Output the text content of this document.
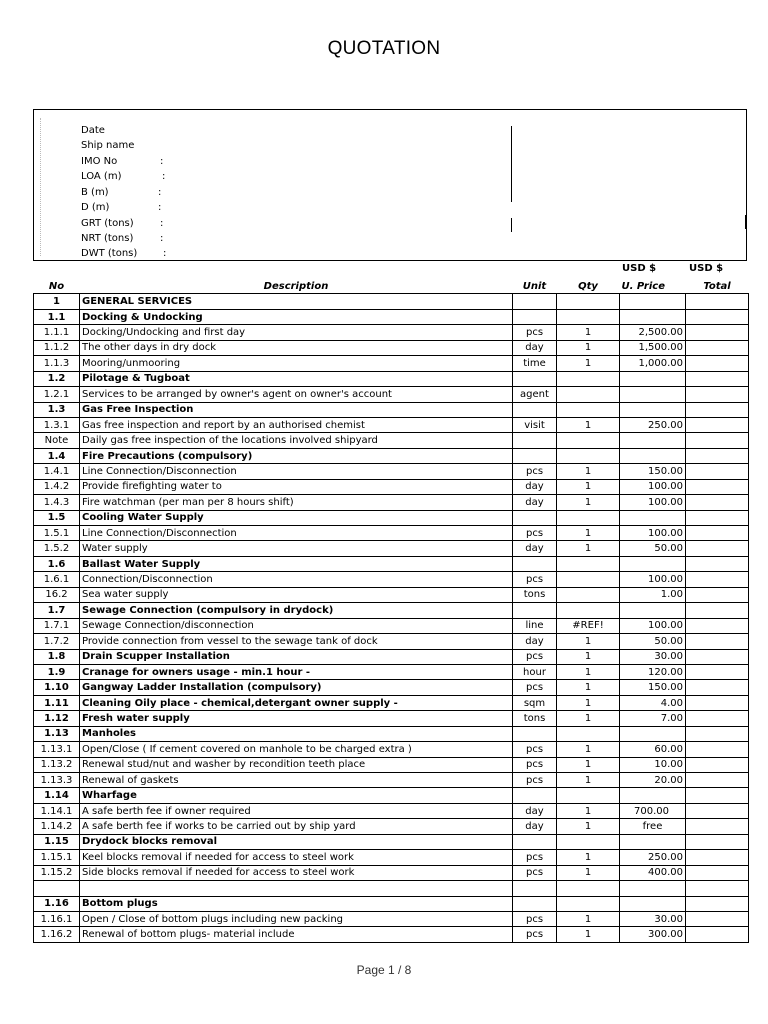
QUOTATION
Date
Ship name
IMO No	:
LOA (m)	:
B (m)	:
D (m)	:
GRT (tons)	:
NRT (tons)	:
DWT (tons)	:
USD $	USD $
No	Description	Unit	Qty	U. Price	Total
1	GENERAL SERVICES				
1.1	Docking & Undocking				
1.1.1	Docking/Undocking and first day	pcs	1	2,500.00	
1.1.2	The other days in dry dock	day	1	1,500.00	
1.1.3	Mooring/unmooring	time	1	1,000.00	
1.2	Pilotage & Tugboat				
1.2.1	Services to be arranged by owner's agent on owner's account	agent			
1.3	Gas Free Inspection				
1.3.1	Gas free inspection and report by an authorised chemist	visit	1	250.00	
Note	Daily gas free inspection of the locations involved shipyard				
1.4	Fire Precautions (compulsory)				
1.4.1	Line Connection/Disconnection	pcs	1	150.00	
1.4.2	Provide firefighting water to	day	1	100.00	
1.4.3	Fire watchman (per man per 8 hours shift)	day	1	100.00	
1.5	Cooling Water Supply				
1.5.1	Line Connection/Disconnection	pcs	1	100.00	
1.5.2	Water supply	day	1	50.00	
1.6	Ballast Water Supply				
1.6.1	Connection/Disconnection	pcs		100.00	
16.2	Sea water supply	tons		1.00	
1.7	Sewage Connection (compulsory in drydock)				
1.7.1	Sewage Connection/disconnection	line	#REF!	100.00	
1.7.2	Provide connection from vessel to the sewage tank of dock	day	1	50.00	
1.8	Drain Scupper Installation	pcs	1	30.00	
1.9	Cranage for owners usage - min.1 hour -	hour	1	120.00	
1.10	Gangway Ladder Installation (compulsory)	pcs	1	150.00	
1.11	Cleaning Oily place - chemical,detergant owner supply -	sqm	1	4.00	
1.12	Fresh water supply	tons	1	7.00	
1.13	Manholes				
1.13.1	Open/Close ( If cement covered on manhole to be charged extra )	pcs	1	60.00	
1.13.2	Renewal stud/nut and washer by recondition teeth place	pcs	1	10.00	
1.13.3	Renewal of gaskets	pcs	1	20.00	
1.14	Wharfage				
1.14.1	A safe berth fee if owner required	day	1	700.00	
1.14.2	A safe berth fee if works to be carried out by ship yard	day	1	free	
1.15	Drydock blocks removal				
1.15.1	Keel blocks removal if needed for access to steel work	pcs	1	250.00	
1.15.2	Side blocks removal if needed for access to steel work	pcs	1	400.00	

1.16	Bottom plugs				
1.16.1	Open / Close of bottom plugs including new packing	pcs	1	30.00	
1.16.2	Renewal of bottom plugs- material include	pcs	1	300.00	
Page 1 / 8
